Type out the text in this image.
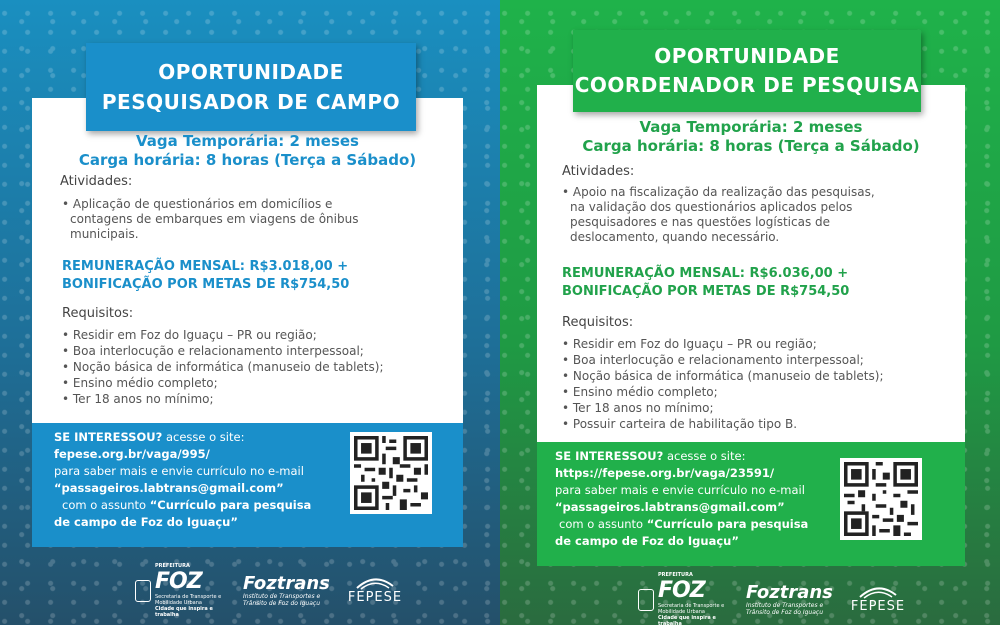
OPORTUNIDADE
PESQUISADOR DE CAMPO
Vaga Temporária: 2 meses
Carga horária: 8 horas (Terça a Sábado)
Atividades:
• Aplicação de questionários em domicílios e
contagens de embarques em viagens de ônibus
municipais.
REMUNERAÇÃO MENSAL: R$3.018,00 +
BONIFICAÇÃO POR METAS DE R$754,50
Requisitos:
• Residir em Foz do Iguaçu – PR ou região;
• Boa interlocução e relacionamento interpessoal;
• Noção básica de informática (manuseio de tablets);
• Ensino médio completo;
• Ter 18 anos no mínimo;
SE INTERESSOU? acesse o site:
fepese.org.br/vaga/995/
para saber mais e envie currículo no e-mail
“passageiros.labtrans@gmail.com”
com o assunto “Currículo para pesquisa
de campo de Foz do Iguaçu”
PREFEITURA
FOZ
Secretaria de Transporte e Mobilidade Urbana
Cidade que inspira e trabalha
Foztrans
Instituto de Transportes e
Trânsito de Foz do Iguaçu	FEPESE
OPORTUNIDADE
COORDENADOR DE PESQUISA
Vaga Temporária: 2 meses
Carga horária: 8 horas (Terça a Sábado)
Atividades:
• Apoio na fiscalização da realização das pesquisas,
na validação dos questionários aplicados pelos
pesquisadores e nas questões logísticas de
deslocamento, quando necessário.
REMUNERAÇÃO MENSAL: R$6.036,00 +
BONIFICAÇÃO POR METAS DE R$754,50
Requisitos:
• Residir em Foz do Iguaçu – PR ou região;
• Boa interlocução e relacionamento interpessoal;
• Noção básica de informática (manuseio de tablets);
• Ensino médio completo;
• Ter 18 anos no mínimo;
• Possuir carteira de habilitação tipo B.
SE INTERESSOU? acesse o site:
https://fepese.org.br/vaga/23591/
para saber mais e envie currículo no e-mail
“passageiros.labtrans@gmail.com”
com o assunto “Currículo para pesquisa
de campo de Foz do Iguaçu”
PREFEITURA
FOZ
Secretaria de Transporte e Mobilidade Urbana
Cidade que inspira e trabalha
Foztrans
Instituto de Transportes e
Trânsito de Foz do Iguaçu	FEPESE
